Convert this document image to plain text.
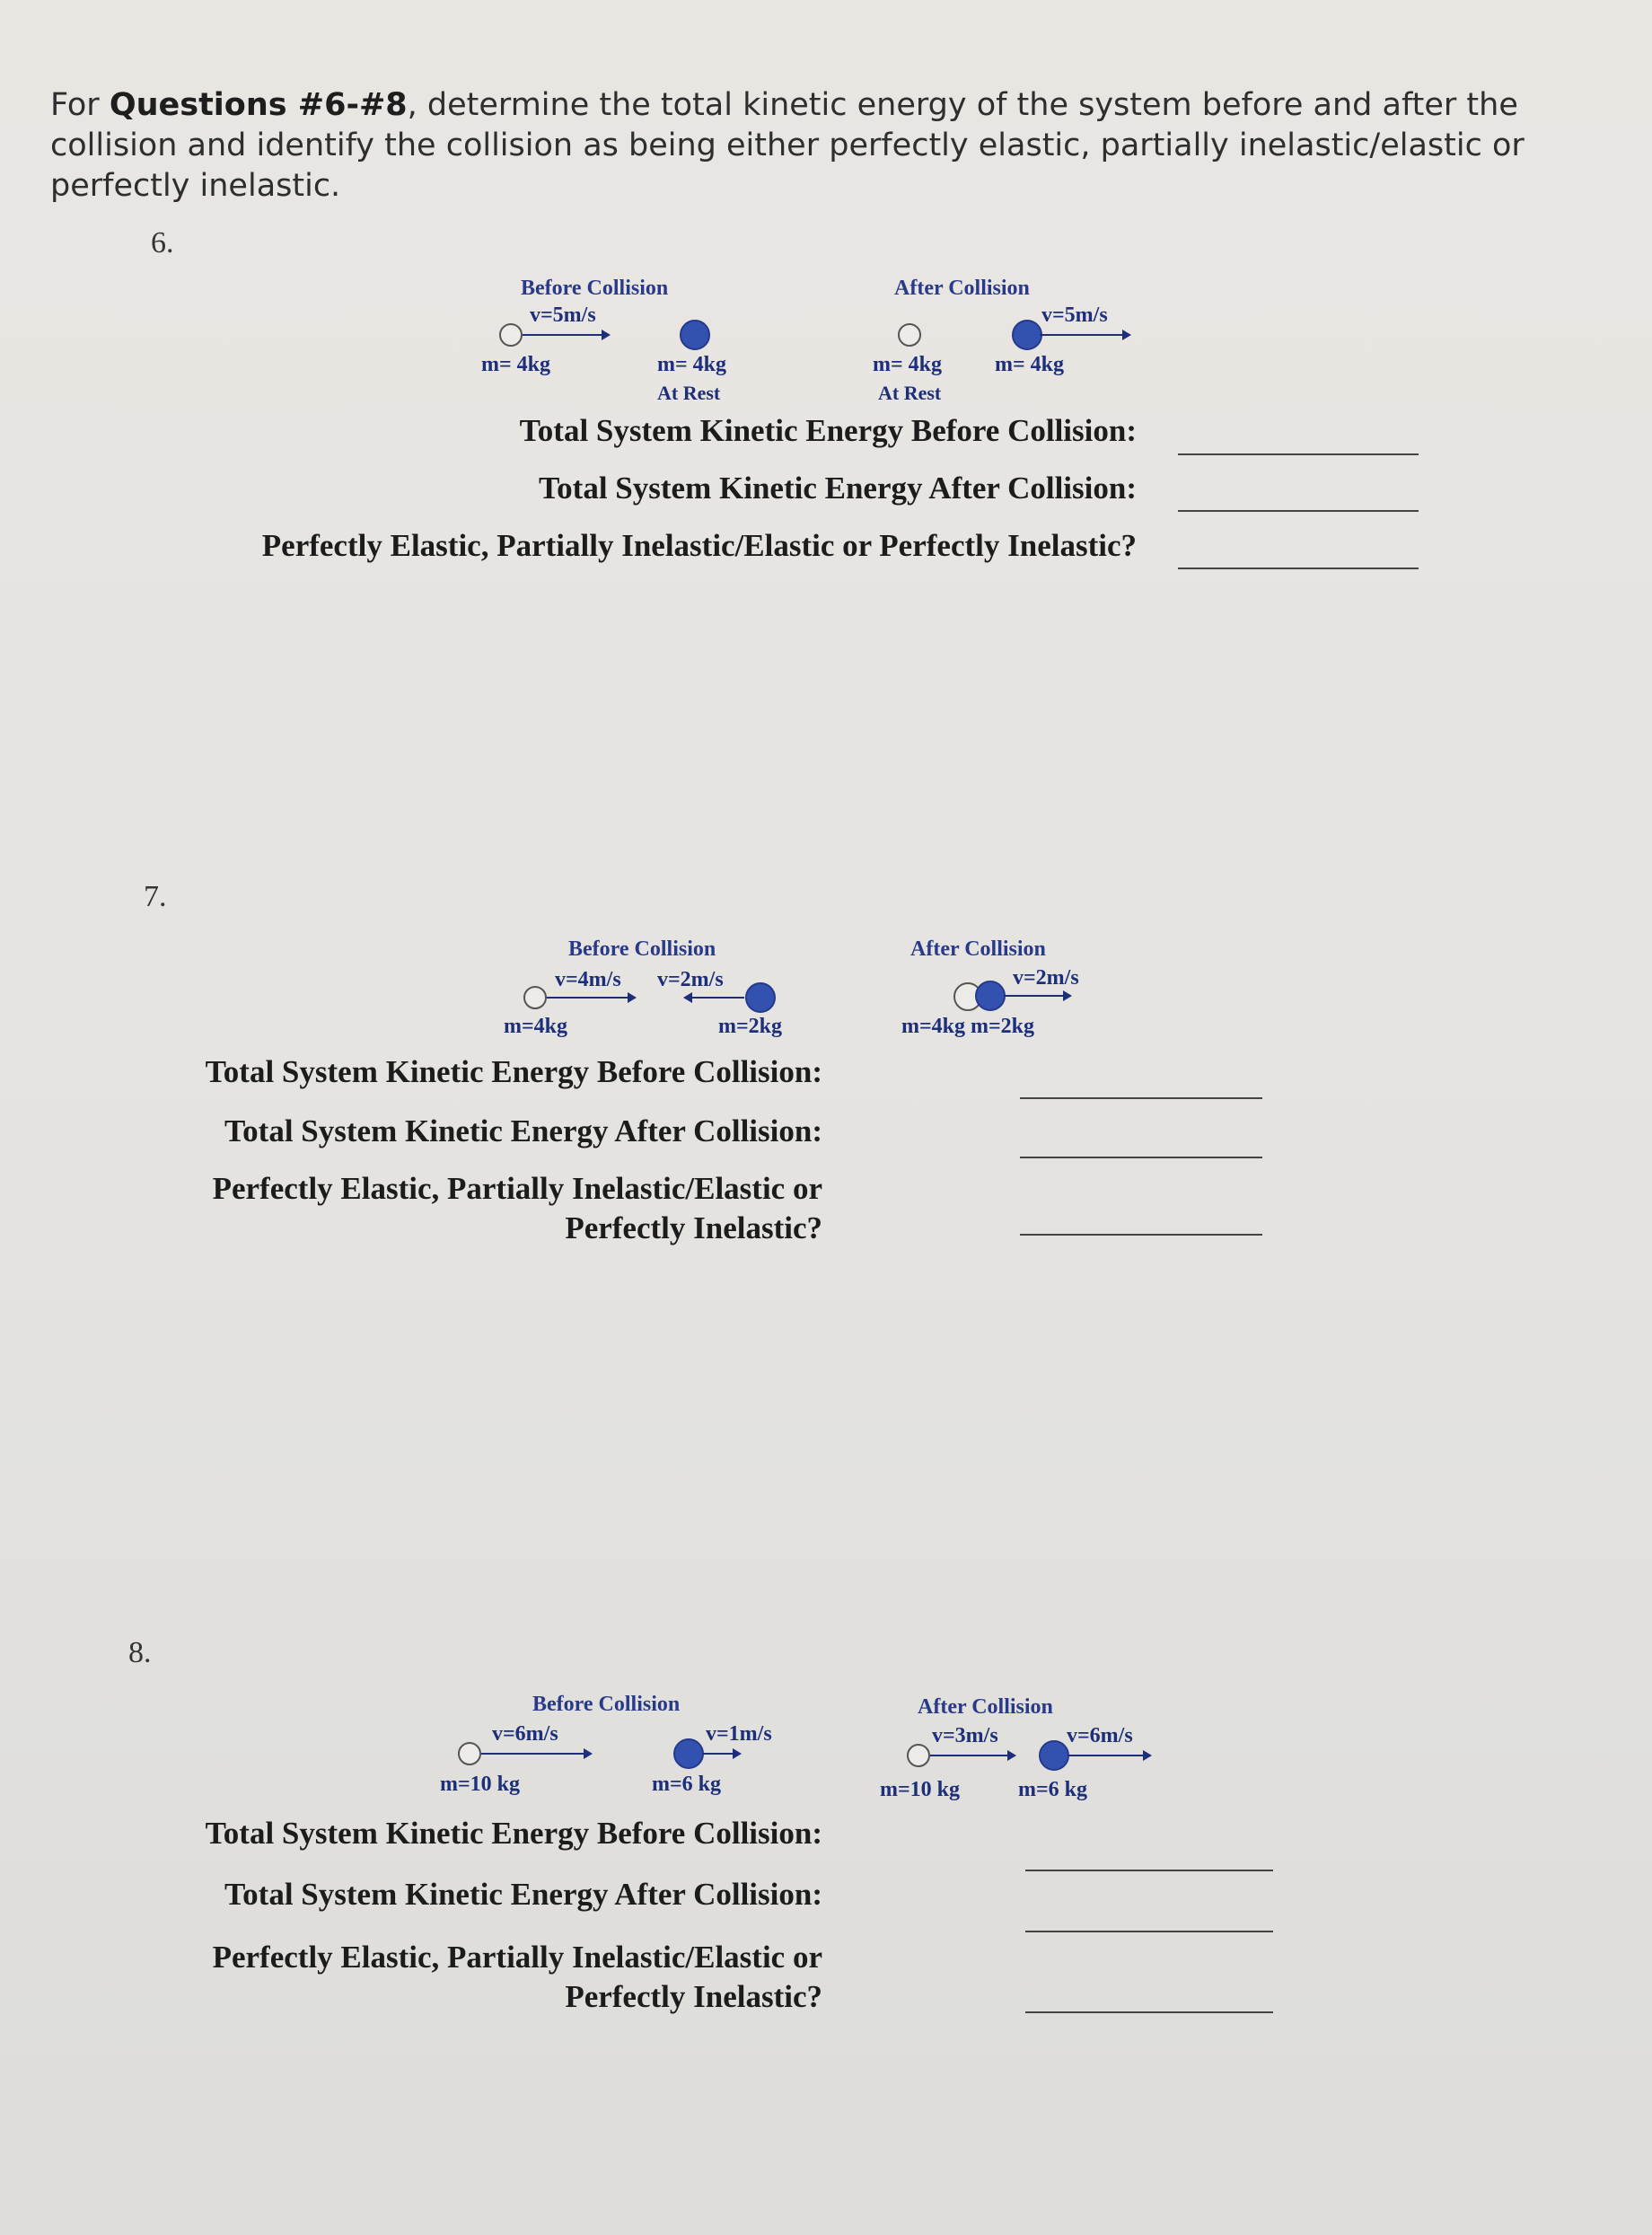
For Questions #6-#8, determine the total kinetic energy of the system before and after the collision and identify the collision as being either perfectly elastic, partially inelastic/elastic or perfectly inelastic.
6.
Before Collision
v=5m/s
m= 4kg	m= 4kg
At Rest
After Collision
v=5m/s
m= 4kg
At Rest
m= 4kg
Total System Kinetic Energy Before Collision:
Total System Kinetic Energy After Collision:
Perfectly Elastic, Partially Inelastic/Elastic or Perfectly Inelastic?
7.
Before Collision
v=4m/s v=2m/s
m=4kg	m=2kg
After Collision
v=2m/s
m=4kg m=2kg
Total System Kinetic Energy Before Collision:
Total System Kinetic Energy After Collision:
Perfectly Elastic, Partially Inelastic/Elastic or
Perfectly Inelastic?
8.
Before Collision
v=6m/s	v=1m/s
m=10 kg	m=6 kg
After Collision
v=3m/s	v=6m/s
m=10 kg	m=6 kg
Total System Kinetic Energy Before Collision:
Total System Kinetic Energy After Collision:
Perfectly Elastic, Partially Inelastic/Elastic or
Perfectly Inelastic?
